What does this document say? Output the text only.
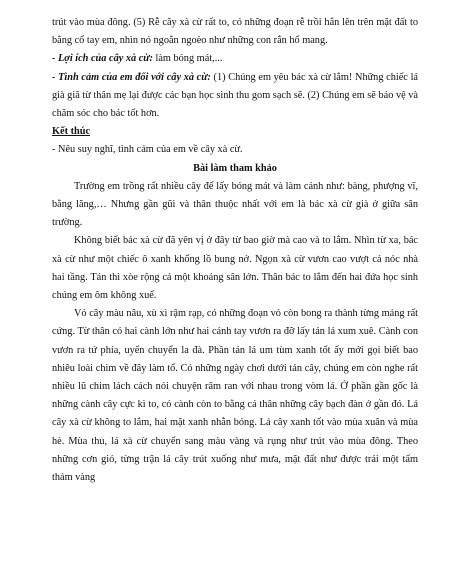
trút vào mùa đông. (5) Rễ cây xà cừ rất to, có những đoạn rễ trồi hẳn lên trên mặt đất to bằng cổ tay em, nhìn nó ngoằn ngoèo như những con rắn hổ mang.

- Lợi ích của cây xà cừ: làm bóng mát,...

- Tình cảm của em đối với cây xà cừ: (1) Chúng em yêu bác xà cừ lắm! Những chiếc lá già giã từ thân mẹ lại được các bạn học sinh thu gom sạch sẽ. (2) Chúng em sẽ bảo vệ và chăm sóc cho bác tốt hơn.

Kết thúc

- Nêu suy nghĩ, tình cảm của em về cây xà cừ.

Bài làm tham khảo

Trường em trồng rất nhiều cây để lấy bóng mát và làm cảnh như: bàng, phượng vĩ, bằng lăng,… Nhưng gần gũi và thân thuộc nhất với em là bác xà cừ già ở giữa sân trường.

Không biết bác xà cừ đã yên vị ở đây từ bao giờ mà cao và to lắm. Nhìn từ xa, bác xà cừ như một chiếc ô xanh khổng lồ bung nở. Ngọn xà cừ vươn cao vượt cả nóc nhà hai tầng. Tán thì xòe rộng cả một khoảng sân lớn. Thân bác to lắm đến hai đứa học sinh chúng em ôm không xuể.

Vỏ cây màu nâu, xù xì rậm rạp, có những đoạn vỏ còn bong ra thành từng mảng rất cứng. Từ thân có hai cành lớn như hai cánh tay vươn ra đỡ lấy tán lá xum xuê. Cành con vươn ra tứ phía, uyển chuyển la đà. Phần tán lá um tùm xanh tốt ấy mới gọi biết bao nhiêu loài chim về đây làm tổ. Có những ngày chơi dưới tán cây, chúng em còn nghe rất nhiều lũ chim lách cách nói chuyện râm ran với nhau trong vòm lá. Ở phần gần gốc là những cành cây cực kì to, có cành còn to bằng cả thân những cây bạch đàn ở gần đó. Lá cây xà cừ không to lắm, hai mặt xanh nhẵn bóng. Lá cây xanh tốt vào mùa xuân và mùa hè. Mùa thu, lá xà cừ chuyển sang màu vàng và rụng như trút vào mùa đông. Theo những cơn gió, từng trận lá cây trút xuống như mưa, mặt đất như được trải một tấm thảm vàng
